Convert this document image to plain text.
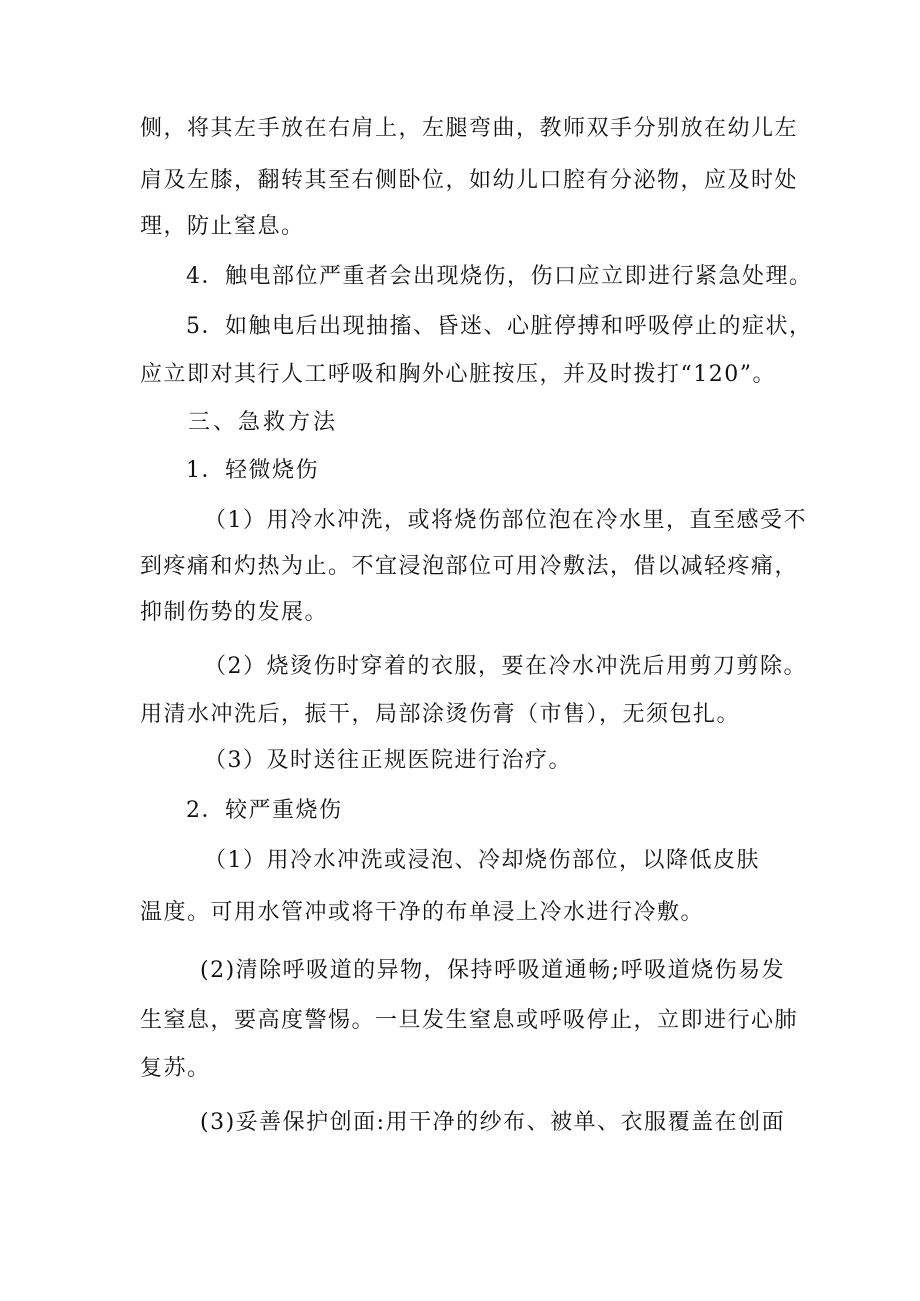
侧，将其左手放在右肩上，左腿弯曲，教师双手分别放在幼儿左
肩及左膝，翻转其至右侧卧位，如幼儿口腔有分泌物，应及时处
理，防止窒息。
4．触电部位严重者会出现烧伤，伤口应立即进行紧急处理。
5．如触电后出现抽搐、昏迷、心脏停搏和呼吸停止的症状，
应立即对其行人工呼吸和胸外心脏按压，并及时拨打“120”。
三、急救方法
1．轻微烧伤
（1）用冷水冲洗，或将烧伤部位泡在冷水里，直至感受不
到疼痛和灼热为止。不宜浸泡部位可用冷敷法，借以减轻疼痛，
抑制伤势的发展。
（2）烧烫伤时穿着的衣服，要在冷水冲洗后用剪刀剪除。
用清水冲洗后，振干，局部涂烫伤膏（市售），无须包扎。
（3）及时送往正规医院进行治疗。
2．较严重烧伤
（1）用冷水冲洗或浸泡、冷却烧伤部位，以降低皮肤
温度。可用水管冲或将干净的布单浸上冷水进行冷敷。
(2)清除呼吸道的异物，保持呼吸道通畅;呼吸道烧伤易发
生窒息，要高度警惕。一旦发生窒息或呼吸停止，立即进行心肺
复苏。
(3)妥善保护创面:用干净的纱布、被单、衣服覆盖在创面
